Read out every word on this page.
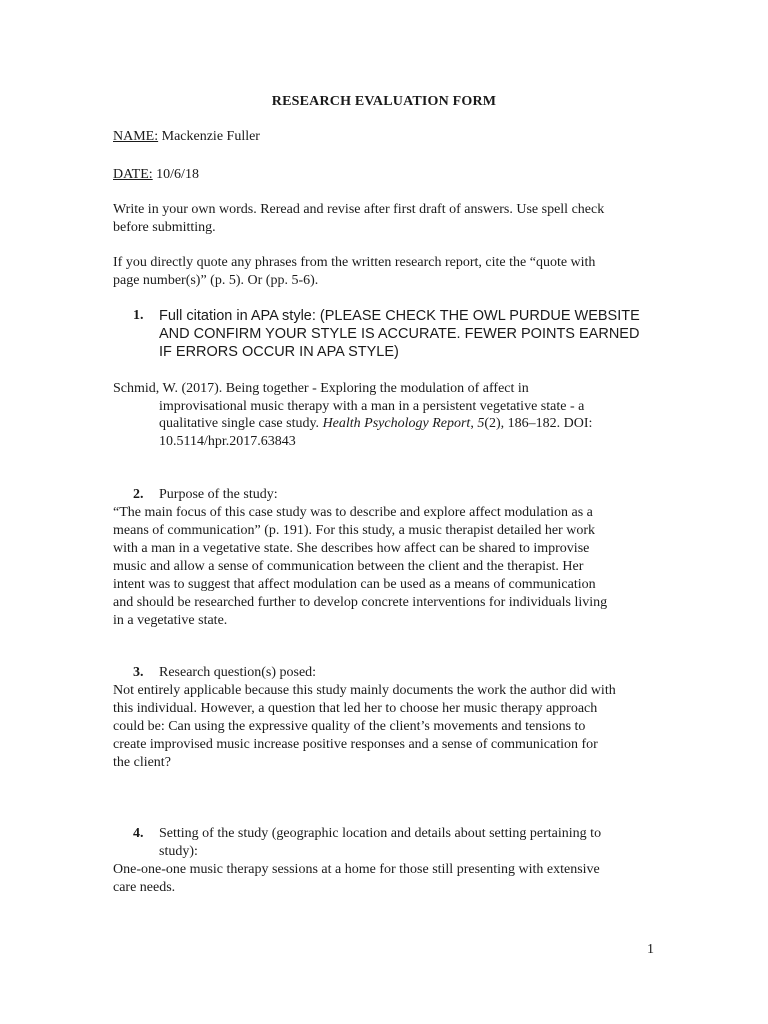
RESEARCH EVALUATION FORM
NAME: Mackenzie Fuller
DATE: 10/6/18
Write in your own words. Reread and revise after first draft of answers. Use spell check
before submitting.
If you directly quote any phrases from the written research report, cite the “quote with
page number(s)” (p. 5). Or (pp. 5-6).
1. Full citation in APA style: (PLEASE CHECK THE OWL PURDUE WEBSITE
AND CONFIRM YOUR STYLE IS ACCURATE. FEWER POINTS EARNED
IF ERRORS OCCUR IN APA STYLE)
Schmid, W. (2017). Being together - Exploring the modulation of affect in
improvisational music therapy with a man in a persistent vegetative state - a
qualitative single case study. Health Psychology Report, 5(2), 186–182. DOI:
10.5114/hpr.2017.63843
2. Purpose of the study:
“The main focus of this case study was to describe and explore affect modulation as a
means of communication” (p. 191). For this study, a music therapist detailed her work
with a man in a vegetative state. She describes how affect can be shared to improvise
music and allow a sense of communication between the client and the therapist. Her
intent was to suggest that affect modulation can be used as a means of communication
and should be researched further to develop concrete interventions for individuals living
in a vegetative state.
3. Research question(s) posed:
Not entirely applicable because this study mainly documents the work the author did with
this individual. However, a question that led her to choose her music therapy approach
could be: Can using the expressive quality of the client’s movements and tensions to
create improvised music increase positive responses and a sense of communication for
the client?
4. Setting of the study (geographic location and details about setting pertaining to
study):
One-one-one music therapy sessions at a home for those still presenting with extensive
care needs.
1
